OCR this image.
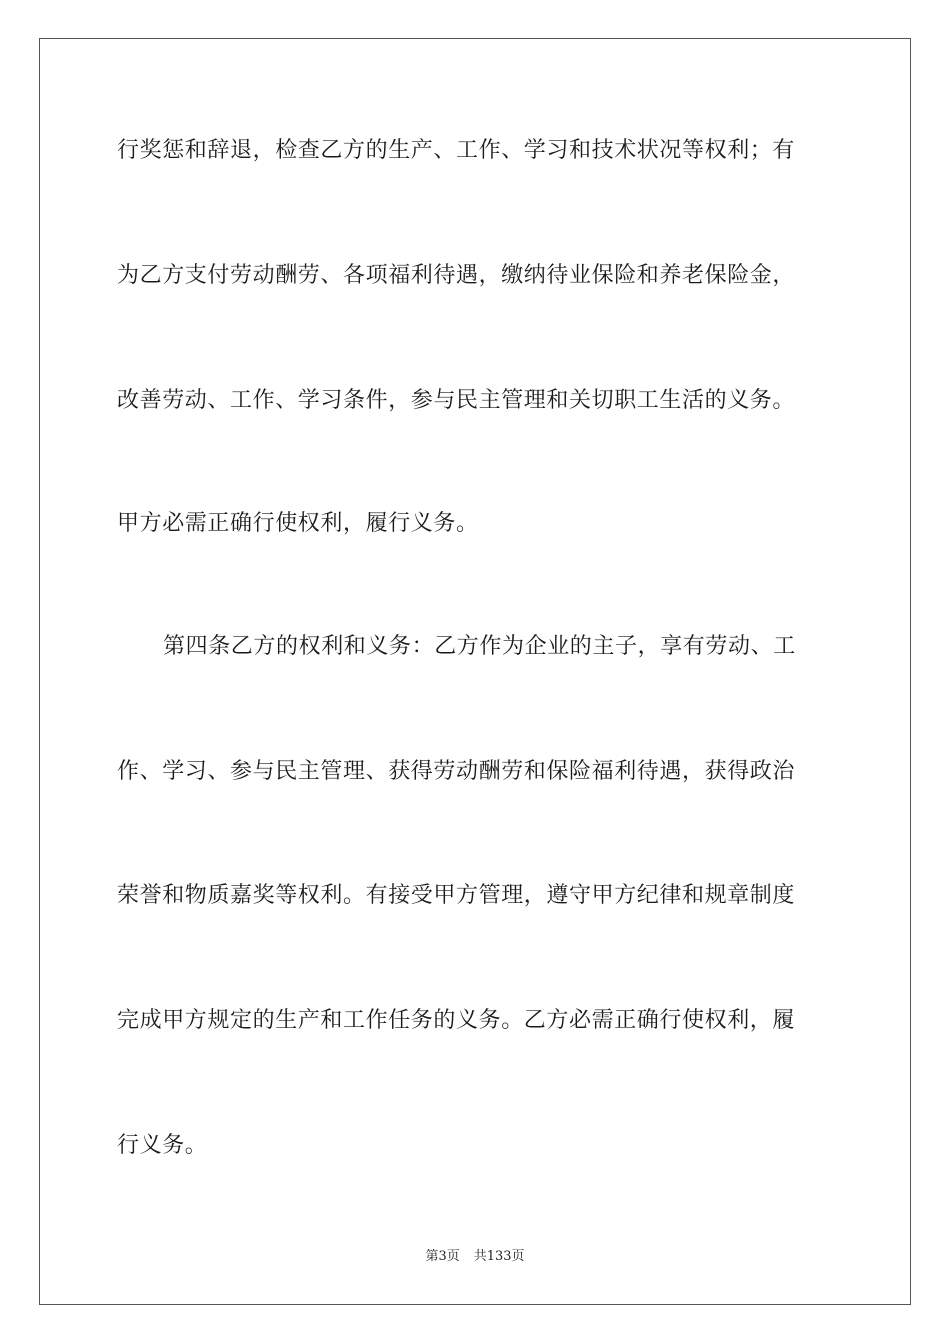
行奖惩和辞退，检查乙方的生产、工作、学习和技术状况等权利；有
为乙方支付劳动酬劳、各项福利待遇，缴纳待业保险和养老保险金，
改善劳动、工作、学习条件，参与民主管理和关切职工生活的义务。
甲方必需正确行使权利，履行义务。
第四条乙方的权利和义务：乙方作为企业的主子，享有劳动、工
作、学习、参与民主管理、获得劳动酬劳和保险福利待遇，获得政治
荣誉和物质嘉奖等权利。有接受甲方管理，遵守甲方纪律和规章制度
完成甲方规定的生产和工作任务的义务。乙方必需正确行使权利，履
行义务。
第3页 共133页
